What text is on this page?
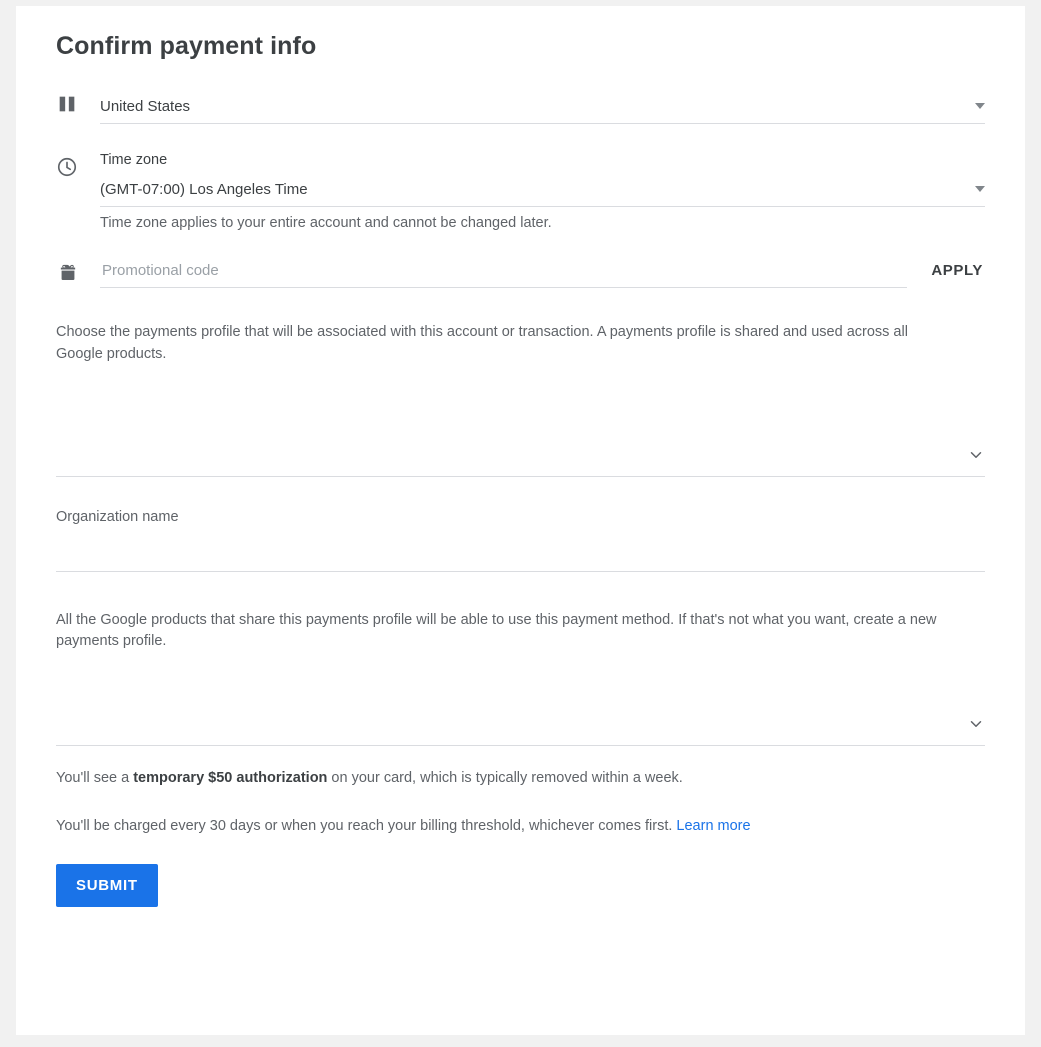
Confirm payment info
United States
Time zone
(GMT-07:00) Los Angeles Time
Time zone applies to your entire account and cannot be changed later.
Promotional code
APPLY
Choose the payments profile that will be associated with this account or transaction. A payments profile is shared and used across all Google products.
Organization name
All the Google products that share this payments profile will be able to use this payment method. If that's not what you want, create a new payments profile.
You'll see a temporary $50 authorization on your card, which is typically removed within a week.
You'll be charged every 30 days or when you reach your billing threshold, whichever comes first. Learn more
SUBMIT
